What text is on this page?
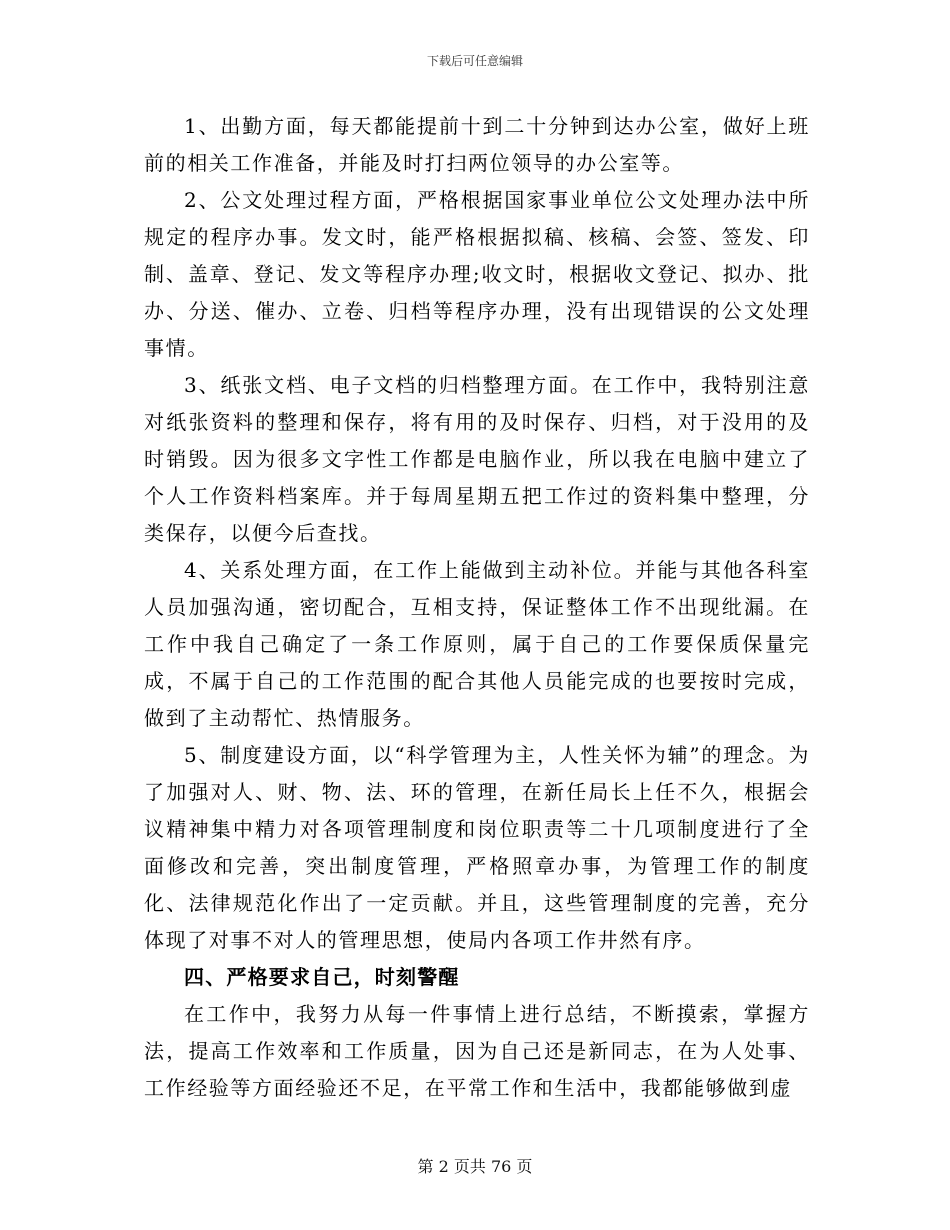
下载后可任意编辑

1、出勤方面，每天都能提前十到二十分钟到达办公室，做好上班前的相关工作准备，并能及时打扫两位领导的办公室等。

2、公文处理过程方面，严格根据国家事业单位公文处理办法中所规定的程序办事。发文时，能严格根据拟稿、核稿、会签、签发、印制、盖章、登记、发文等程序办理;收文时，根据收文登记、拟办、批办、分送、催办、立卷、归档等程序办理，没有出现错误的公文处理事情。

3、纸张文档、电子文档的归档整理方面。在工作中，我特别注意对纸张资料的整理和保存，将有用的及时保存、归档，对于没用的及时销毁。因为很多文字性工作都是电脑作业，所以我在电脑中建立了个人工作资料档案库。并于每周星期五把工作过的资料集中整理，分类保存，以便今后查找。

4、关系处理方面，在工作上能做到主动补位。并能与其他各科室人员加强沟通，密切配合，互相支持，保证整体工作不出现纰漏。在工作中我自己确定了一条工作原则，属于自己的工作要保质保量完成，不属于自己的工作范围的配合其他人员能完成的也要按时完成，做到了主动帮忙、热情服务。

5、制度建设方面，以“科学管理为主，人性关怀为辅”的理念。为了加强对人、财、物、法、环的管理，在新任局长上任不久，根据会议精神集中精力对各项管理制度和岗位职责等二十几项制度进行了全面修改和完善，突出制度管理，严格照章办事，为管理工作的制度化、法律规范化作出了一定贡献。并且，这些管理制度的完善，充分体现了对事不对人的管理思想，使局内各项工作井然有序。

四、严格要求自己，时刻警醒

在工作中，我努力从每一件事情上进行总结，不断摸索，掌握方法，提高工作效率和工作质量，因为自己还是新同志，在为人处事、工作经验等方面经验还不足，在平常工作和生活中，我都能够做到虚

第 2 页共 76 页
